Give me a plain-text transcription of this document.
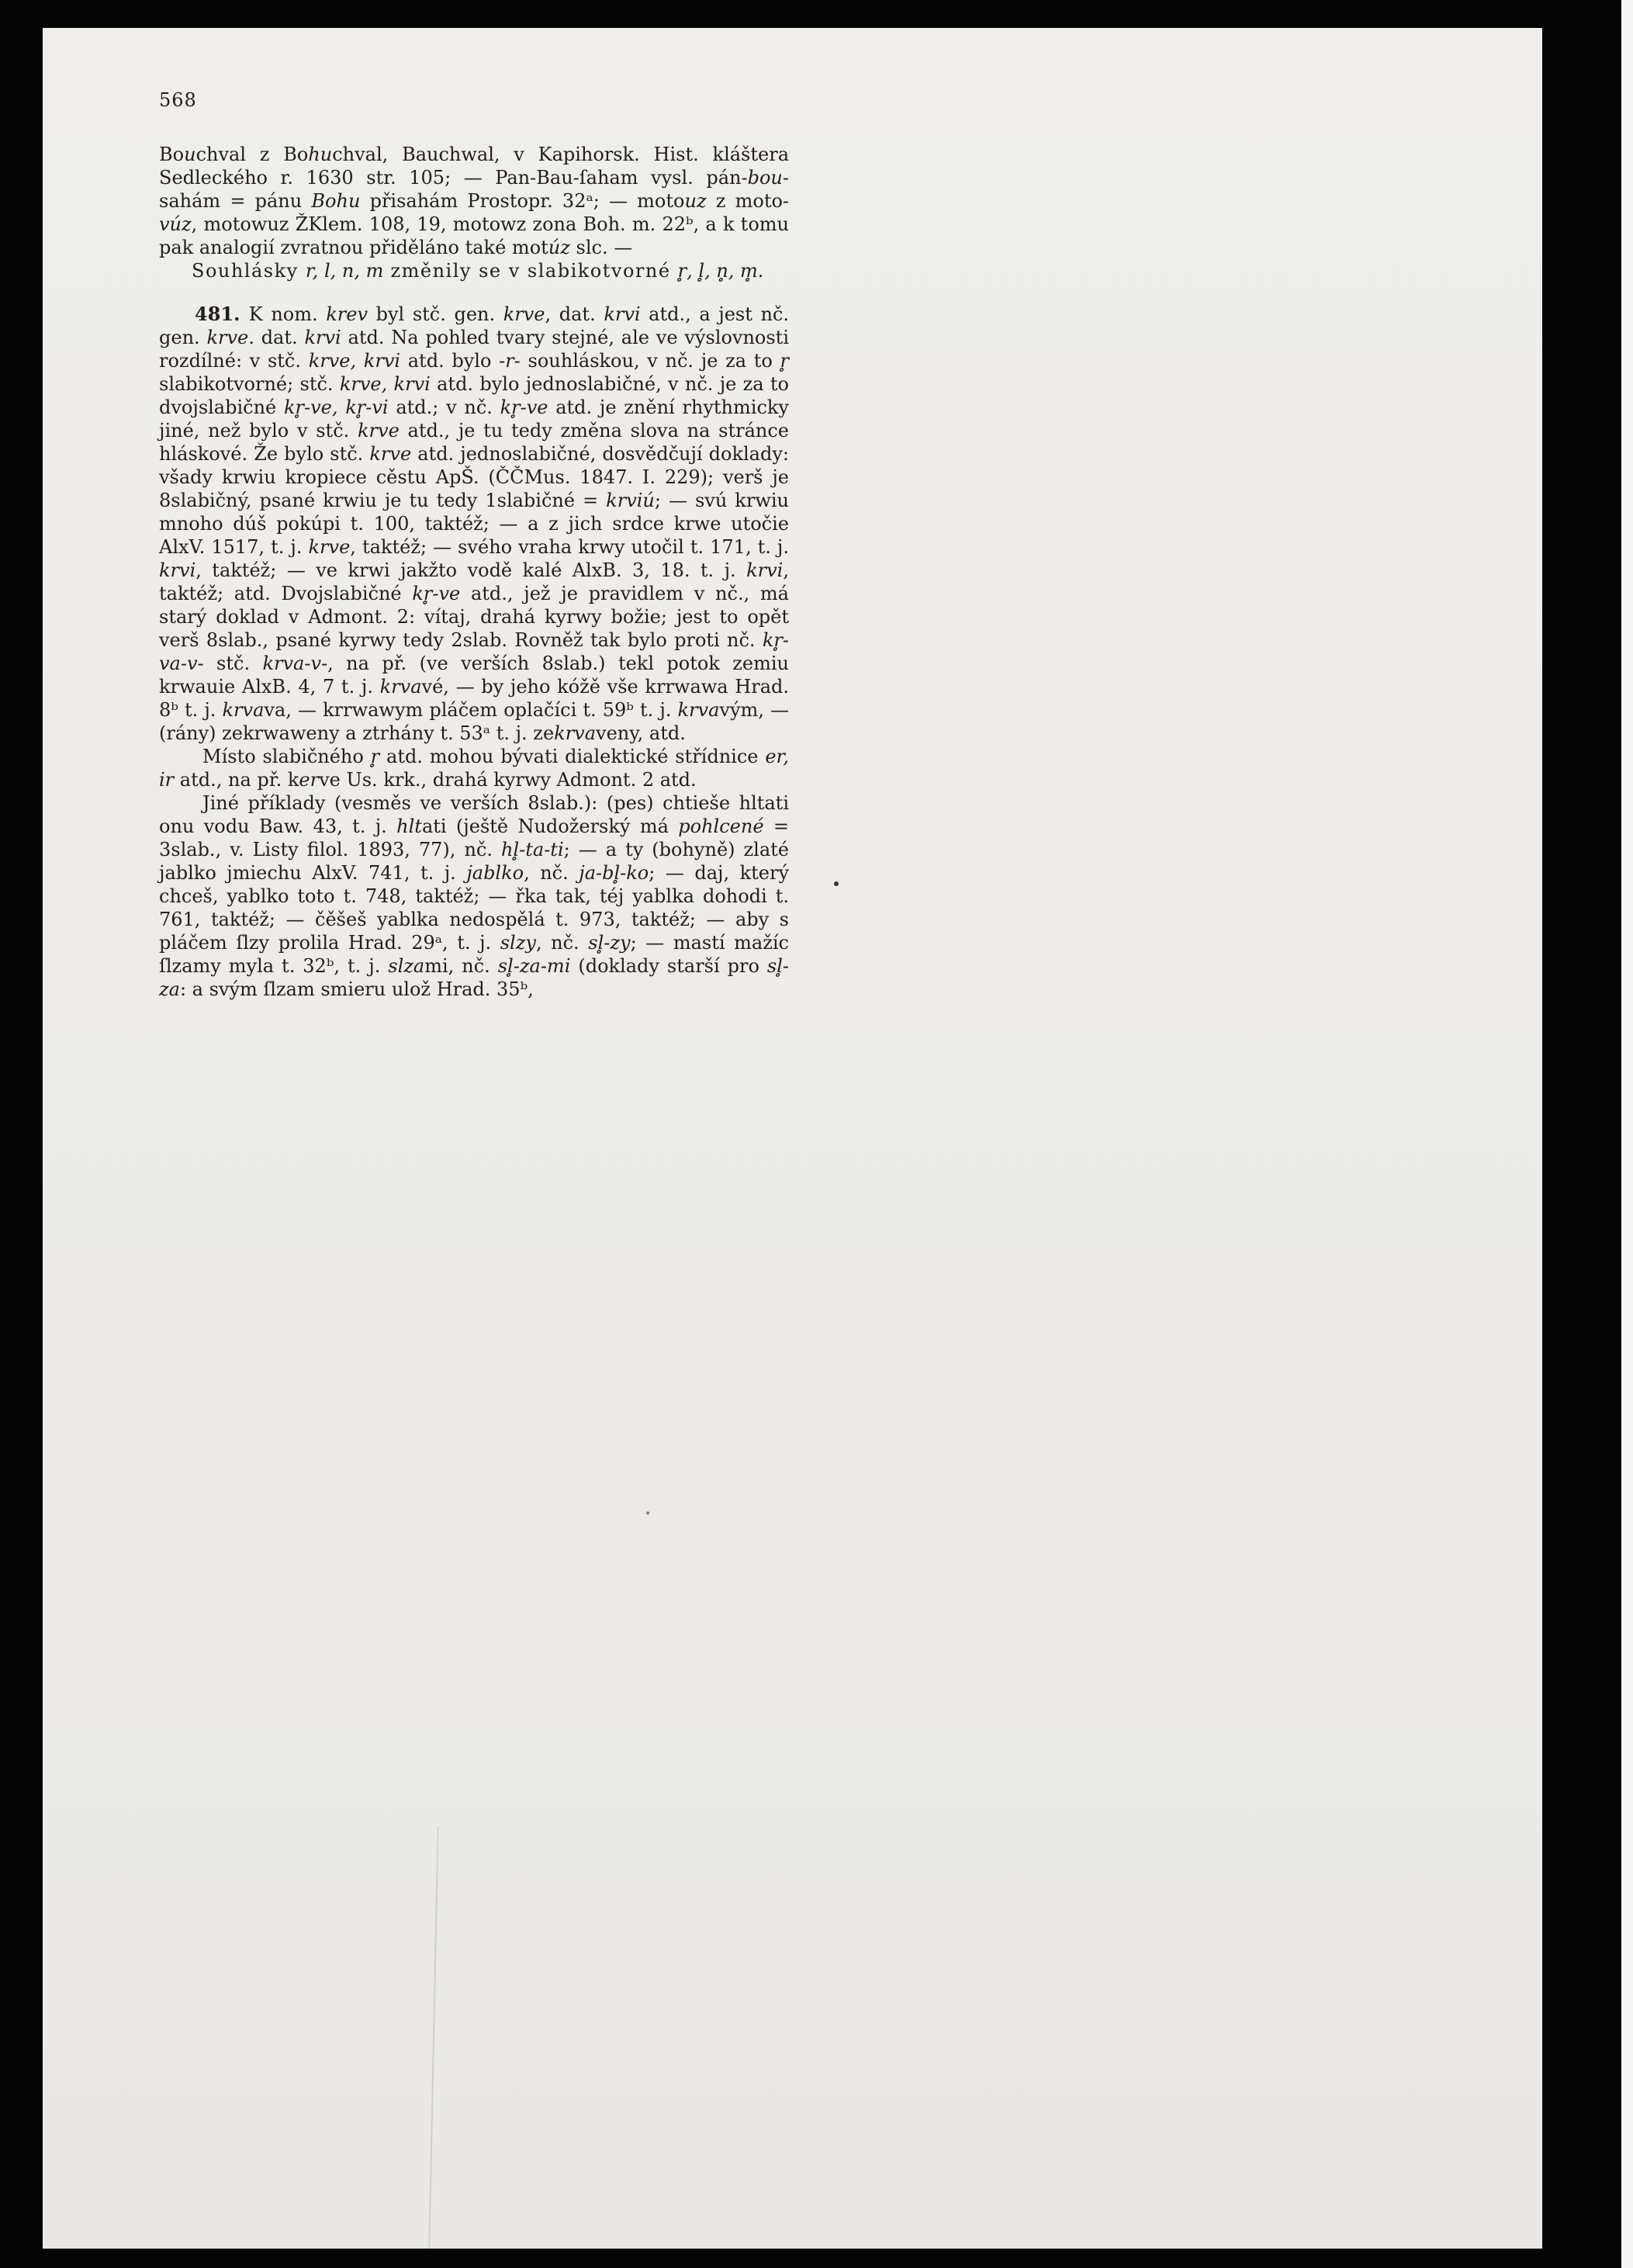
568

Bouchval z Bohuchval, Bauchwal, v Kapihorsk. Hist. kláštera Sedleckého r. 1630 str. 105; — Pan-Bau-ſaham vysl. pán-bou-sahám = pánu Bohu přisahám Prostopr. 32ᵃ; — motouz z moto-vúz, motowuz ŽKlem. 108, 19, motowz zona Boh. m. 22ᵇ, a k tomu pak analogií zvratnou přiděláno také motúz slc. —

Souhlásky r, l, n, m změnily se v slabikotvorné r̥, l̥, n̥, m̥.

481. K nom. krev byl stč. gen. krve, dat. krvi atd., a jest nč. gen. krve. dat. krvi atd. Na pohled tvary stejné, ale ve výslovnosti rozdílné: v stč. krve, krvi atd. bylo -r- souhláskou, v nč. je za to r̥ slabikotvorné; stč. krve, krvi atd. bylo jednoslabičné, v nč. je za to dvojslabičné kr̥-ve, kr̥-vi atd.; v nč. kr̥-ve atd. je znění rhythmicky jiné, než bylo v stč. krve atd., je tu tedy změna slova na stránce hláskové. Že bylo stč. krve atd. jednoslabičné, dosvědčují doklady: všady krwiu kropiece cěstu ApŠ. (ČČMus. 1847. I. 229); verš je 8slabičný, psané krwiu je tu tedy 1slabičné = krviú; — svú krwiu mnoho dúš pokúpi t. 100, taktéž; — a z jich srdce krwe utočie AlxV. 1517, t. j. krve, taktéž; — svého vraha krwy utočil t. 171, t. j. krvi, taktéž; — ve krwi jakžto vodě kalé AlxB. 3, 18. t. j. krvi, taktéž; atd. Dvojslabičné kr̥-ve atd., jež je pravidlem v nč., má starý doklad v Admont. 2: vítaj, drahá kyrwy božie; jest to opět verš 8slab., psané kyrwy tedy 2slab. Rovněž tak bylo proti nč. kr̥-va-v- stč. krva-v-, na př. (ve verších 8slab.) tekl potok zemiu krwauie AlxB. 4, 7 t. j. krvavé, — by jeho kóžě vše krrwawa Hrad. 8ᵇ t. j. krvava, — krrwawym pláčem oplačíci t. 59ᵇ t. j. krvavým, — (rány) zekrwaweny a ztrhány t. 53ᵃ t. j. zekrvaveny, atd.

Místo slabičného r̥ atd. mohou bývati dialektické střídnice er, ir atd., na př. kerve Us. krk., drahá kyrwy Admont. 2 atd.

Jiné příklady (vesměs ve verších 8slab.): (pes) chtieše hltati onu vodu Baw. 43, t. j. hltati (ještě Nudožerský má pohlcené = 3slab., v. Listy filol. 1893, 77), nč. hl̥-ta-ti; — a ty (bohyně) zlaté jablko jmiechu AlxV. 741, t. j. jablko, nč. ja-bl̥-ko; — daj, který chceš, yablko toto t. 748, taktéž; — řka tak, téj yablka dohodi t. 761, taktéž; — čěšeš yablka nedospělá t. 973, taktéž; — aby s pláčem ſlzy prolila Hrad. 29ᵃ, t. j. slzy, nč. sl̥-zy; — mastí mažíc ſlzamy myla t. 32ᵇ, t. j. slzami, nč. sl̥-za-mi (doklady starší pro sl̥-za: a svým ſlzam smieru ulož Hrad. 35ᵇ,
